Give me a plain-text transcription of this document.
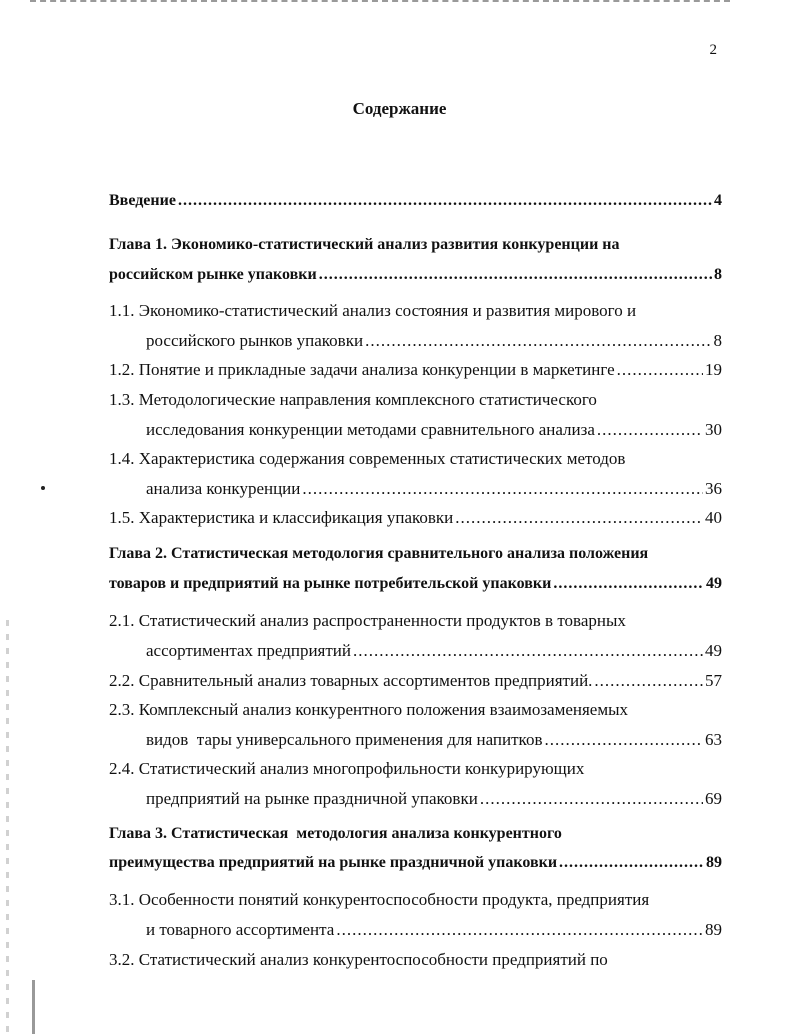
2
Содержание
Введение .....	4
Глава 1. Экономико-статистический анализ развития конкуренции на
российском рынке упаковки .....	8
1.1. Экономико-статистический анализ состояния и развития мирового и
российского рынков упаковки .....	8
1.2. Понятие и прикладные задачи анализа конкуренции в маркетинге .....	19
1.3. Методологические направления комплексного статистического
исследования конкуренции методами сравнительного анализа .....	30
1.4. Характеристика содержания современных статистических методов
анализа конкуренции .....	36
1.5. Характеристика и классификация упаковки .....	40
Глава 2. Статистическая методология сравнительного анализа положения
товаров и предприятий на рынке потребительской упаковки .....	49
2.1. Статистический анализ распространенности продуктов в товарных
ассортиментах предприятий .....	49
2.2. Сравнительный анализ товарных ассортиментов предприятий. .....	57
2.3. Комплексный анализ конкурентного положения взаимозаменяемых
видов  тары универсального применения для напитков .....	63
2.4. Статистический анализ многопрофильности конкурирующих
предприятий на рынке праздничной упаковки .....	69
Глава 3. Статистическая  методология анализа конкурентного
преимущества предприятий на рынке праздничной упаковки .....	89
3.1. Особенности понятий конкурентоспособности продукта, предприятия
и товарного ассортимента .....	89
3.2. Статистический анализ конкурентоспособности предприятий по
